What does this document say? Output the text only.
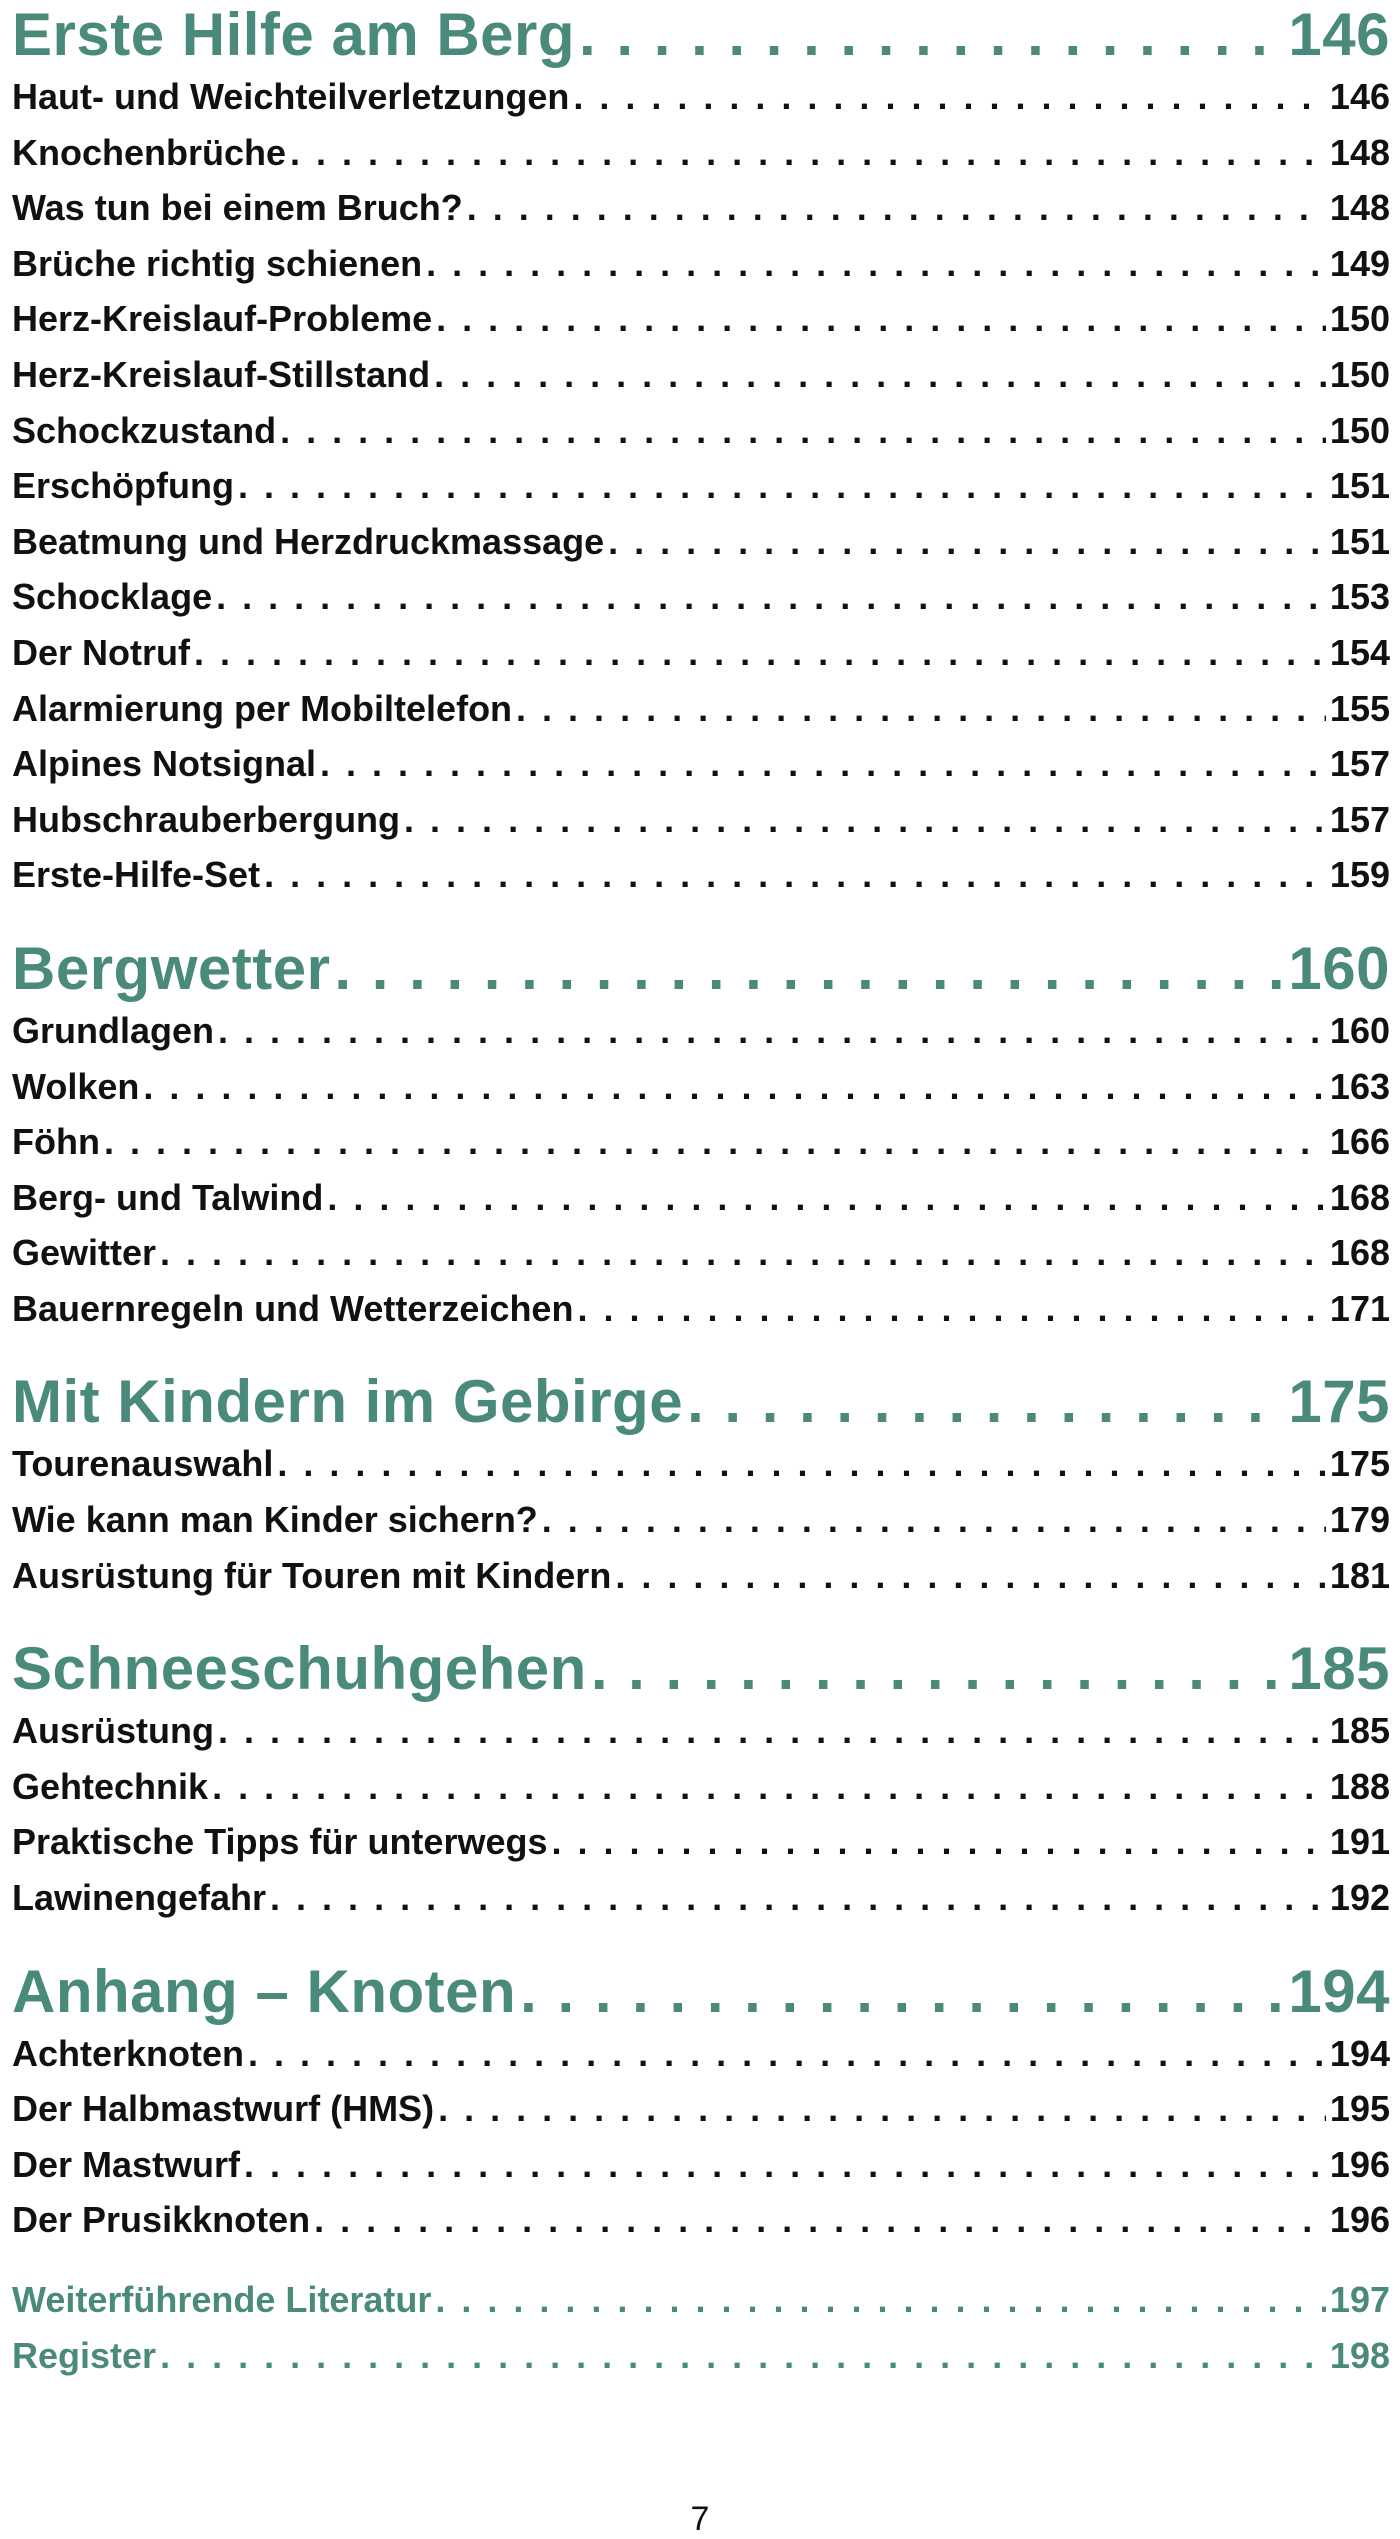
Erste Hilfe am Berg . . .	146
Haut- und Weichteilverletzungen . . .	146
Knochenbrüche . . .	148
Was tun bei einem Bruch? . . .	148
Brüche richtig schienen . . .	149
Herz-Kreislauf-Probleme . . .	150
Herz-Kreislauf-Stillstand . . .	150
Schockzustand . . .	150
Erschöpfung . . .	151
Beatmung und Herzdruckmassage . . .	151
Schocklage . . .	153
Der Notruf . . .	154
Alarmierung per Mobiltelefon . . .	155
Alpines Notsignal . . .	157
Hubschrauberbergung . . .	157
Erste-Hilfe-Set . . .	159
Bergwetter . . .	160
Grundlagen . . .	160
Wolken . . .	163
Föhn . . .	166
Berg- und Talwind . . .	168
Gewitter . . .	168
Bauernregeln und Wetterzeichen . . .	171
Mit Kindern im Gebirge . . .	175
Tourenauswahl . . .	175
Wie kann man Kinder sichern? . . .	179
Ausrüstung für Touren mit Kindern . . .	181
Schneeschuhgehen . . .	185
Ausrüstung . . .	185
Gehtechnik . . .	188
Praktische Tipps für unterwegs . . .	191
Lawinengefahr . . .	192
Anhang – Knoten . . .	194
Achterknoten . . .	194
Der Halbmastwurf (HMS) . . .	195
Der Mastwurf . . .	196
Der Prusikknoten . . .	196
Weiterführende Literatur . . .	197
Register . . .	198
7
